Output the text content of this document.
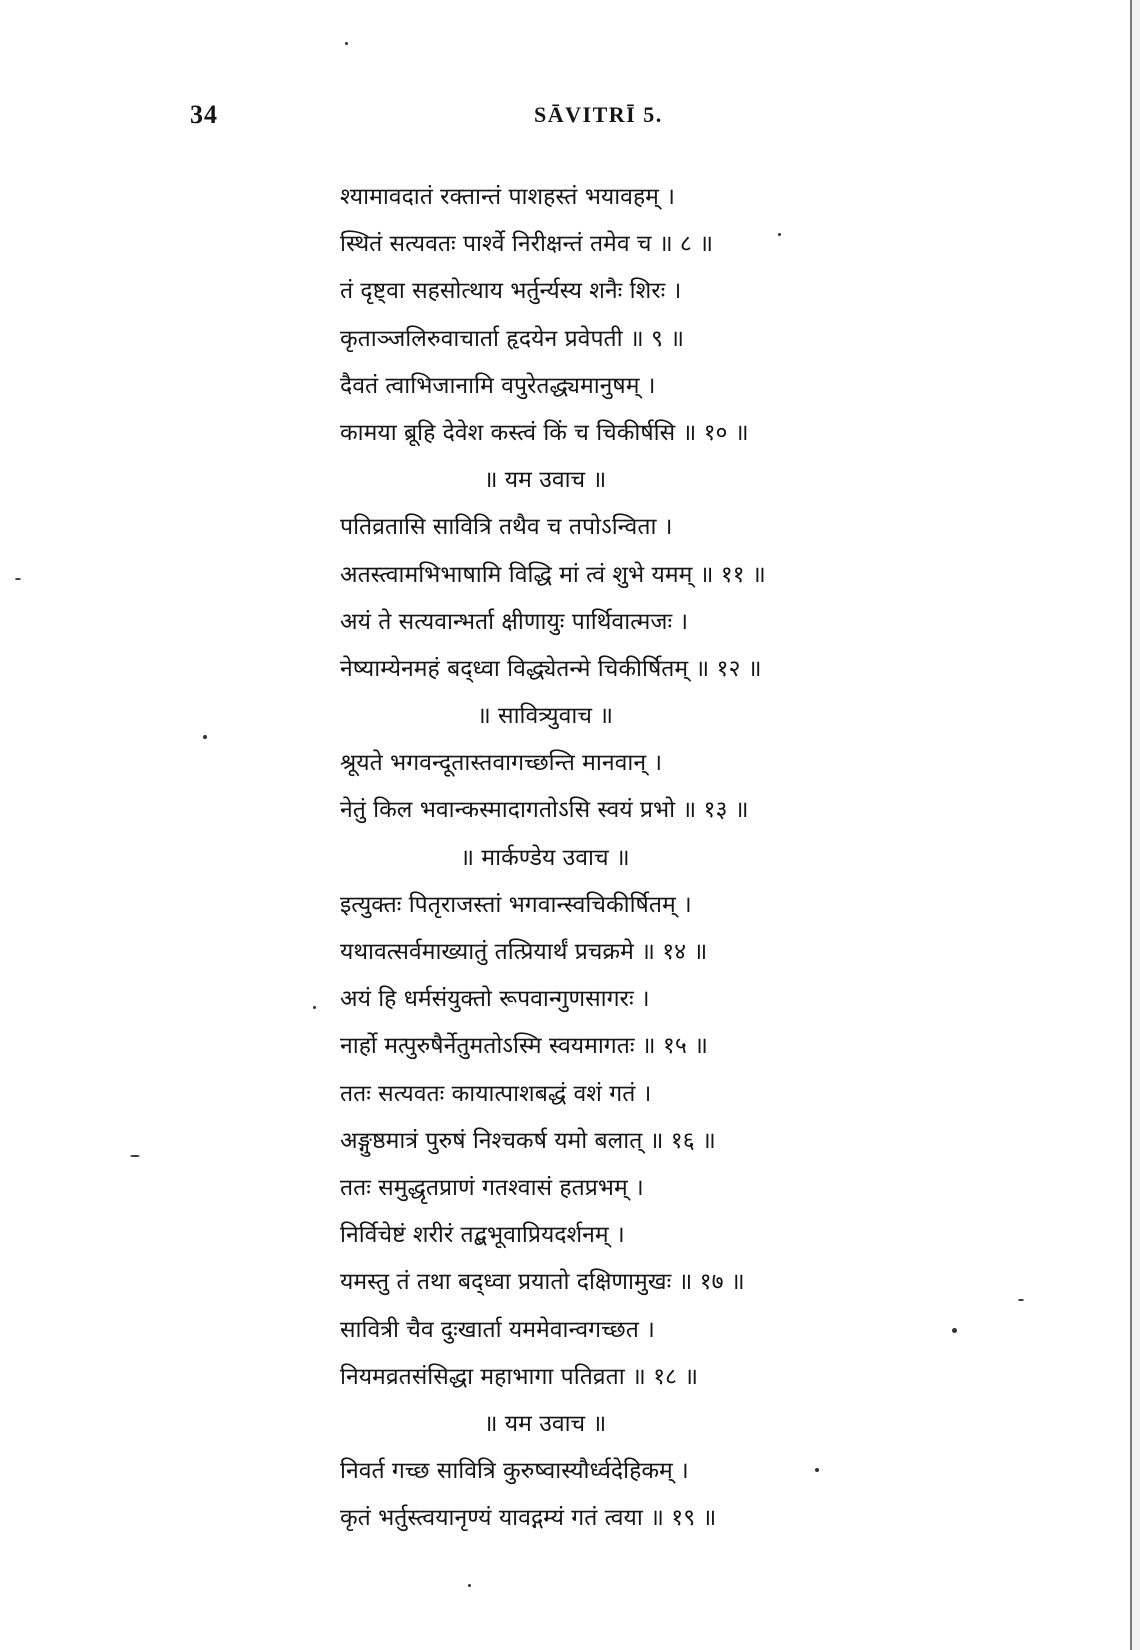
34	SĀVITRĪ 5.
श्यामावदातं रक्तान्तं पाशहस्तं भयावहम् ।
स्थितं सत्यवतः पार्श्वे निरीक्षन्तं तमेव च ॥ ८ ॥
तं दृष्ट्वा सहसोत्थाय भर्तुर्न्यस्य शनैः शिरः ।
कृताञ्जलिरुवाचार्ता हृदयेन प्रवेपती ॥ ९ ॥
दैवतं त्वाभिजानामि वपुरेतद्ध्यमानुषम् ।
कामया ब्रूहि देवेश कस्त्वं किं च चिकीर्षसि ॥ १० ॥
॥ यम उवाच ॥
पतिव्रतासि सावित्रि तथैव च तपोऽन्विता ।
अतस्त्वामभिभाषामि विद्धि मां त्वं शुभे यमम् ॥ ११ ॥
अयं ते सत्यवान्भर्ता क्षीणायुः पार्थिवात्मजः ।
नेष्याम्येनमहं बद्ध्वा विद्ध्येतन्मे चिकीर्षितम् ॥ १२ ॥
॥ सावित्र्युवाच ॥
श्रूयते भगवन्दूतास्तवागच्छन्ति मानवान् ।
नेतुं किल भवान्कस्मादागतोऽसि स्वयं प्रभो ॥ १३ ॥
॥ मार्कण्डेय उवाच ॥
इत्युक्तः पितृराजस्तां भगवान्स्वचिकीर्षितम् ।
यथावत्सर्वमाख्यातुं तत्प्रियार्थं प्रचक्रमे ॥ १४ ॥
अयं हि धर्मसंयुक्तो रूपवान्गुणसागरः ।
नार्हो मत्पुरुषैर्नेतुमतोऽस्मि स्वयमागतः ॥ १५ ॥
ततः सत्यवतः कायात्पाशबद्धं वशं गतं ।
अङ्गुष्ठमात्रं पुरुषं निश्चकर्ष यमो बलात् ॥ १६ ॥
ततः समुद्धृतप्राणं गतश्वासं हतप्रभम् ।
निर्विचेष्टं शरीरं तद्बभूवाप्रियदर्शनम् ।
यमस्तु तं तथा बद्ध्वा प्रयातो दक्षिणामुखः ॥ १७ ॥
सावित्री चैव दुःखार्ता यममेवान्वगच्छत ।
नियमव्रतसंसिद्धा महाभागा पतिव्रता ॥ १८ ॥
॥ यम उवाच ॥
निवर्त गच्छ सावित्रि कुरुष्वास्यौर्ध्वदेहिकम् ।
कृतं भर्तुस्त्वयानृण्यं यावद्गम्यं गतं त्वया ॥ १९ ॥
